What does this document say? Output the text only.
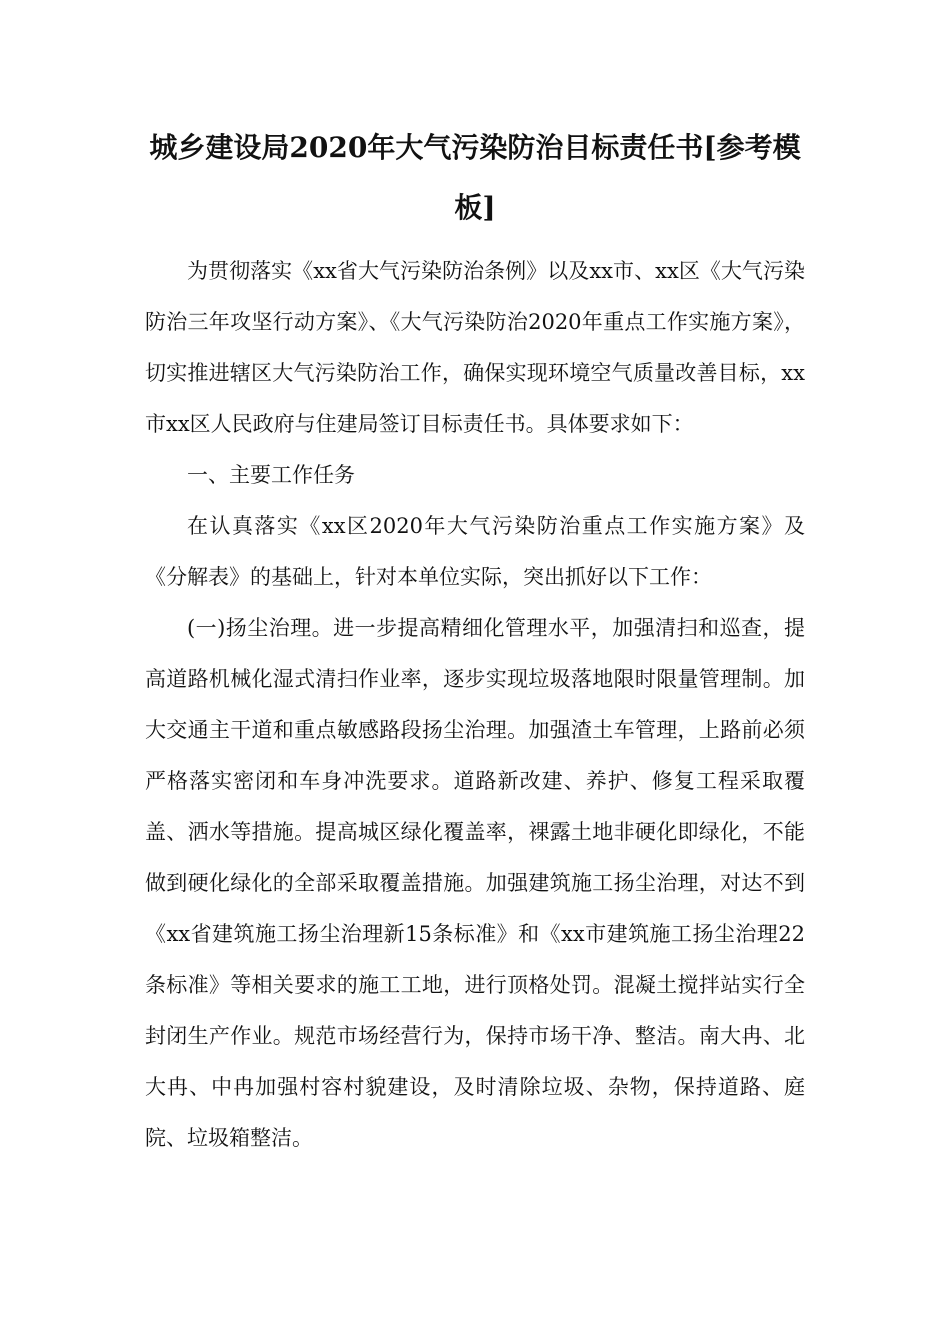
城乡建设局2020年大气污染防治目标责任书[参考模板]

为贯彻落实《xx省大气污染防治条例》以及xx市、xx区《大气污染防治三年攻坚行动方案》、《大气污染防治2020年重点工作实施方案》，切实推进辖区大气污染防治工作，确保实现环境空气质量改善目标，xx市xx区人民政府与住建局签订目标责任书。具体要求如下：

一、主要工作任务

在认真落实《xx区2020年大气污染防治重点工作实施方案》及《分解表》的基础上，针对本单位实际，突出抓好以下工作：

(一)扬尘治理。进一步提高精细化管理水平，加强清扫和巡查，提高道路机械化湿式清扫作业率，逐步实现垃圾落地限时限量管理制。加大交通主干道和重点敏感路段扬尘治理。加强渣土车管理，上路前必须严格落实密闭和车身冲洗要求。道路新改建、养护、修复工程采取覆盖、洒水等措施。提高城区绿化覆盖率，裸露土地非硬化即绿化，不能做到硬化绿化的全部采取覆盖措施。加强建筑施工扬尘治理，对达不到《xx省建筑施工扬尘治理新15条标准》和《xx市建筑施工扬尘治理22条标准》等相关要求的施工工地，进行顶格处罚。混凝土搅拌站实行全封闭生产作业。规范市场经营行为，保持市场干净、整洁。南大冉、北大冉、中冉加强村容村貌建设，及时清除垃圾、杂物，保持道路、庭院、垃圾箱整洁。
